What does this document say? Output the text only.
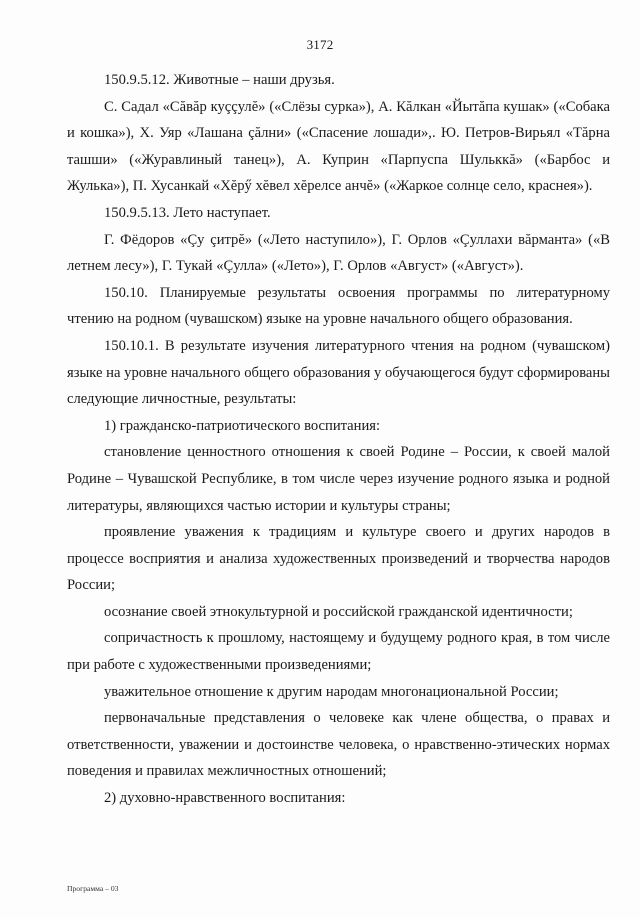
3172

150.9.5.12. Животные – наши друзья.

С. Садал «Сăвăр куççулĕ» («Слёзы сурка»), А. Кăлкан «Йытăпа кушак» («Собака и кошка»), Х. Уяр «Лашана çăлни» («Спасение лошади»,. Ю. Петров-Вирьял «Тăрна ташши» («Журавлиный танец»), А. Куприн «Парпуспа Шульккă» («Барбос и Жулька»), П. Хусанкай «Хĕрӳ хĕвел хĕрелсе анчĕ» («Жаркое солнце село, краснея»).

150.9.5.13. Лето наступает.

Г. Фёдоров «Çу çитрĕ» («Лето наступило»), Г. Орлов «Çуллахи вăрманта» («В летнем лесу»), Г. Тукай «Çулла» («Лето»), Г. Орлов «Август» («Август»).

150.10. Планируемые результаты освоения программы по литературному чтению на родном (чувашском) языке на уровне начального общего образования.

150.10.1. В результате изучения литературного чтения на родном (чувашском) языке на уровне начального общего образования у обучающегося будут сформированы следующие личностные, результаты:

1) гражданско-патриотического воспитания:

становление ценностного отношения к своей Родине – России, к своей малой Родине – Чувашской Республике, в том числе через изучение родного языка и родной литературы, являющихся частью истории и культуры страны;

проявление уважения к традициям и культуре своего и других народов в процессе восприятия и анализа художественных произведений и творчества народов России;

осознание своей этнокультурной и российской гражданской идентичности;

сопричастность к прошлому, настоящему и будущему родного края, в том числе при работе с художественными произведениями;

уважительное отношение к другим народам многонациональной России;

первоначальные представления о человеке как члене общества, о правах и ответственности, уважении и достоинстве человека, о нравственно-этических нормах поведения и правилах межличностных отношений;

2) духовно-нравственного воспитания:

Программа – 03
